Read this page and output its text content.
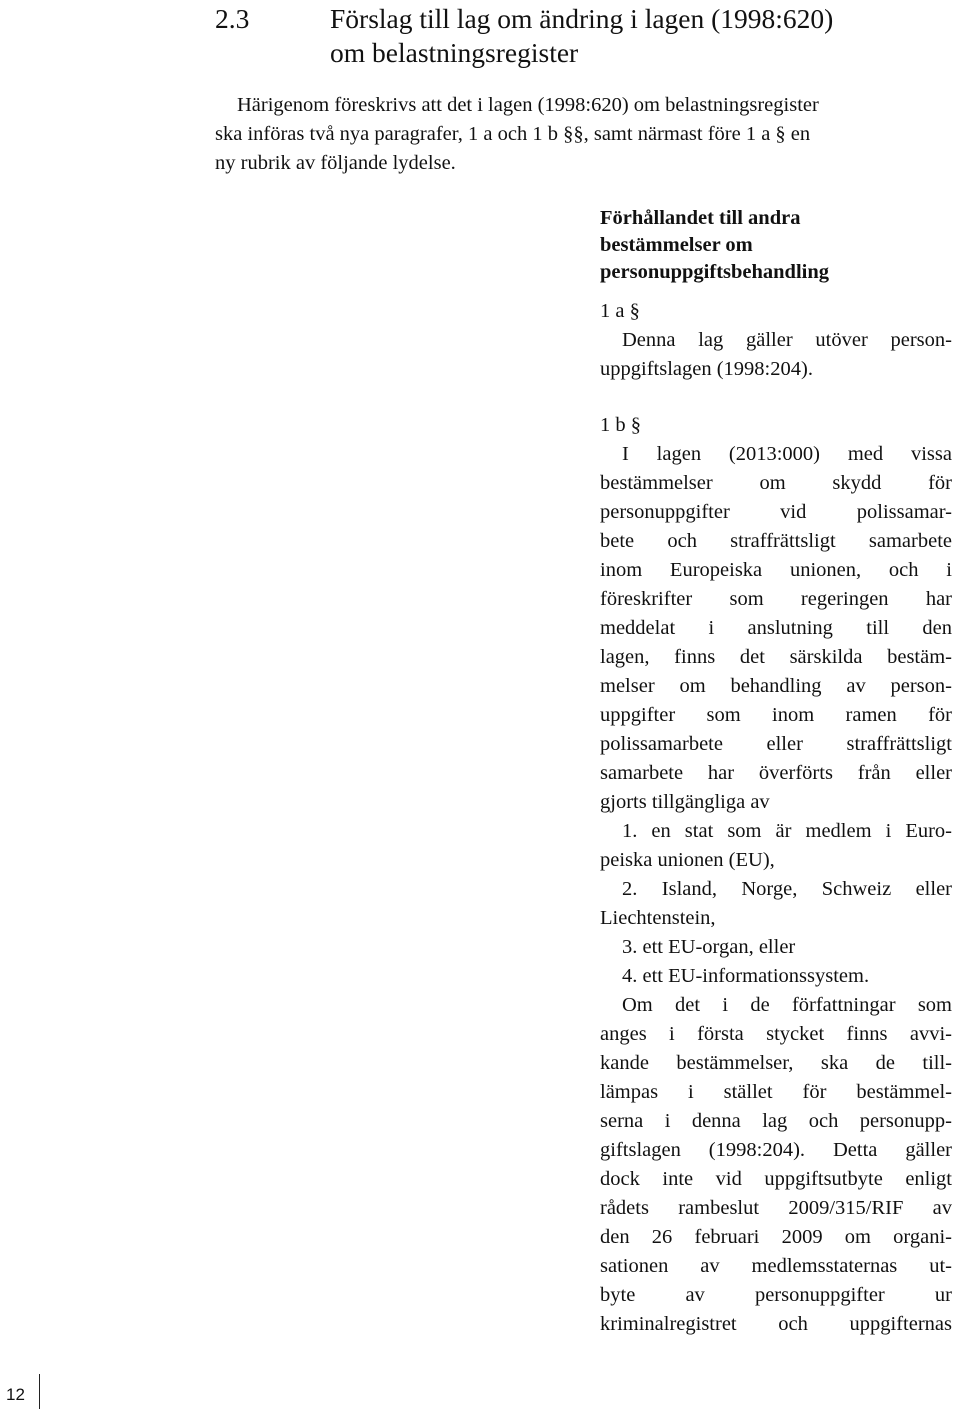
2.3	Förslag till lag om ändring i lagen (1998:620)
om belastningsregister

Härigenom föreskrivs att det i lagen (1998:620) om belastningsregister
ska införas två nya paragrafer, 1 a och 1 b §§, samt närmast före 1 a § en
ny rubrik av följande lydelse.

Förhållandet till andra
bestämmelser om
personuppgiftsbehandling
1 a §
Denna lag gäller utöver person-
uppgiftslagen (1998:204).
1 b §
I lagen (2013:000) med vissa
bestämmelser om skydd för
personuppgifter vid polissamar-
bete och straffrättsligt samarbete
inom Europeiska unionen, och i
föreskrifter som regeringen har
meddelat i anslutning till den
lagen, finns det särskilda bestäm-
melser om behandling av person-
uppgifter som inom ramen för
polissamarbete eller straffrättsligt
samarbete har överförts från eller
gjorts tillgängliga av
1. en stat som är medlem i Euro-
peiska unionen (EU),
2. Island, Norge, Schweiz eller
Liechtenstein,
3. ett EU-organ, eller
4. ett EU-informationssystem.
Om det i de författningar som
anges i första stycket finns avvi-
kande bestämmelser, ska de till-
lämpas i stället för bestämmel-
serna i denna lag och personupp-
giftslagen (1998:204). Detta gäller
dock inte vid uppgiftsutbyte enligt
rådets rambeslut 2009/315/RIF av
den 26 februari 2009 om organi-
sationen av medlemsstaternas ut-
byte av personuppgifter ur
kriminalregistret och uppgifternas
12
